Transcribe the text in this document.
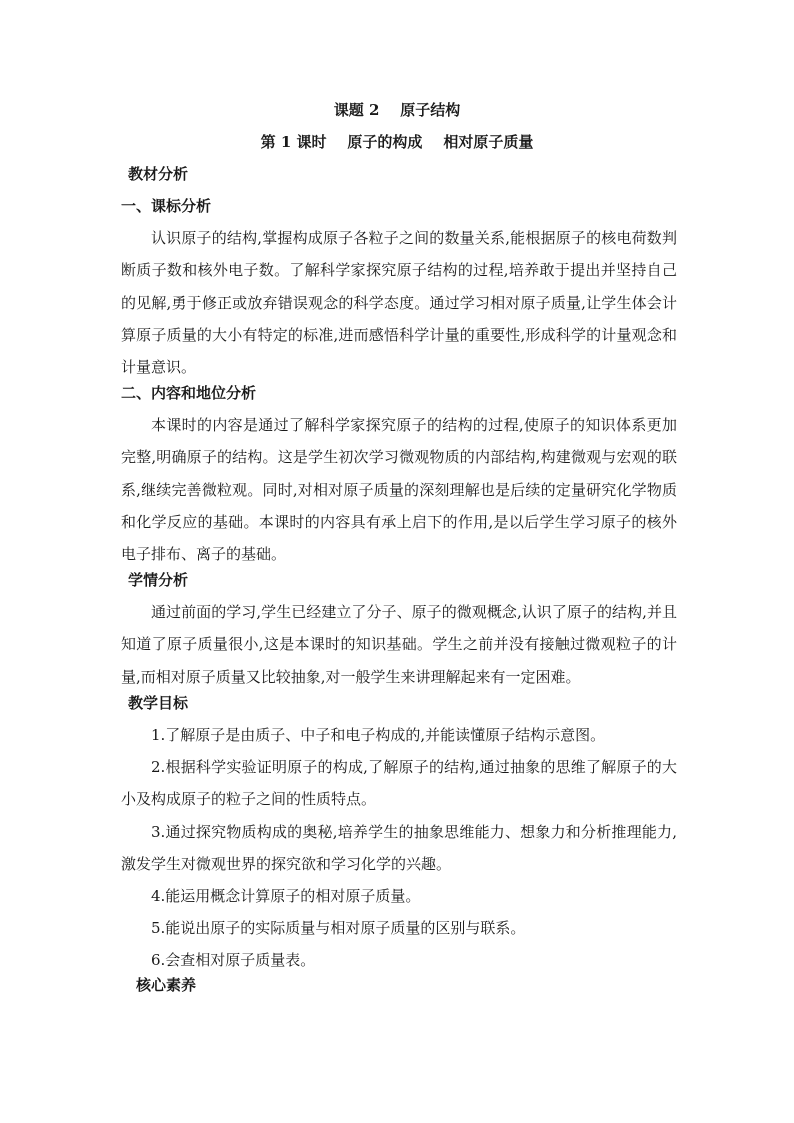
课题 2    原子结构
第 1 课时    原子的构成    相对原子质量
教材分析
一、课标分析
认识原子的结构,掌握构成原子各粒子之间的数量关系,能根据原子的核电荷数判断质子数和核外电子数。了解科学家探究原子结构的过程,培养敢于提出并坚持自己的见解,勇于修正或放弃错误观念的科学态度。通过学习相对原子质量,让学生体会计算原子质量的大小有特定的标准,进而感悟科学计量的重要性,形成科学的计量观念和计量意识。
二、内容和地位分析
本课时的内容是通过了解科学家探究原子的结构的过程,使原子的知识体系更加完整,明确原子的结构。这是学生初次学习微观物质的内部结构,构建微观与宏观的联系,继续完善微粒观。同时,对相对原子质量的深刻理解也是后续的定量研究化学物质和化学反应的基础。本课时的内容具有承上启下的作用,是以后学生学习原子的核外电子排布、离子的基础。
学情分析
通过前面的学习,学生已经建立了分子、原子的微观概念,认识了原子的结构,并且知道了原子质量很小,这是本课时的知识基础。学生之前并没有接触过微观粒子的计量,而相对原子质量又比较抽象,对一般学生来讲理解起来有一定困难。
教学目标
1.了解原子是由质子、中子和电子构成的,并能读懂原子结构示意图。
2.根据科学实验证明原子的构成,了解原子的结构,通过抽象的思维了解原子的大小及构成原子的粒子之间的性质特点。
3.通过探究物质构成的奥秘,培养学生的抽象思维能力、想象力和分析推理能力,激发学生对微观世界的探究欲和学习化学的兴趣。
4.能运用概念计算原子的相对原子质量。
5.能说出原子的实际质量与相对原子质量的区别与联系。
6.会查相对原子质量表。
核心素养
